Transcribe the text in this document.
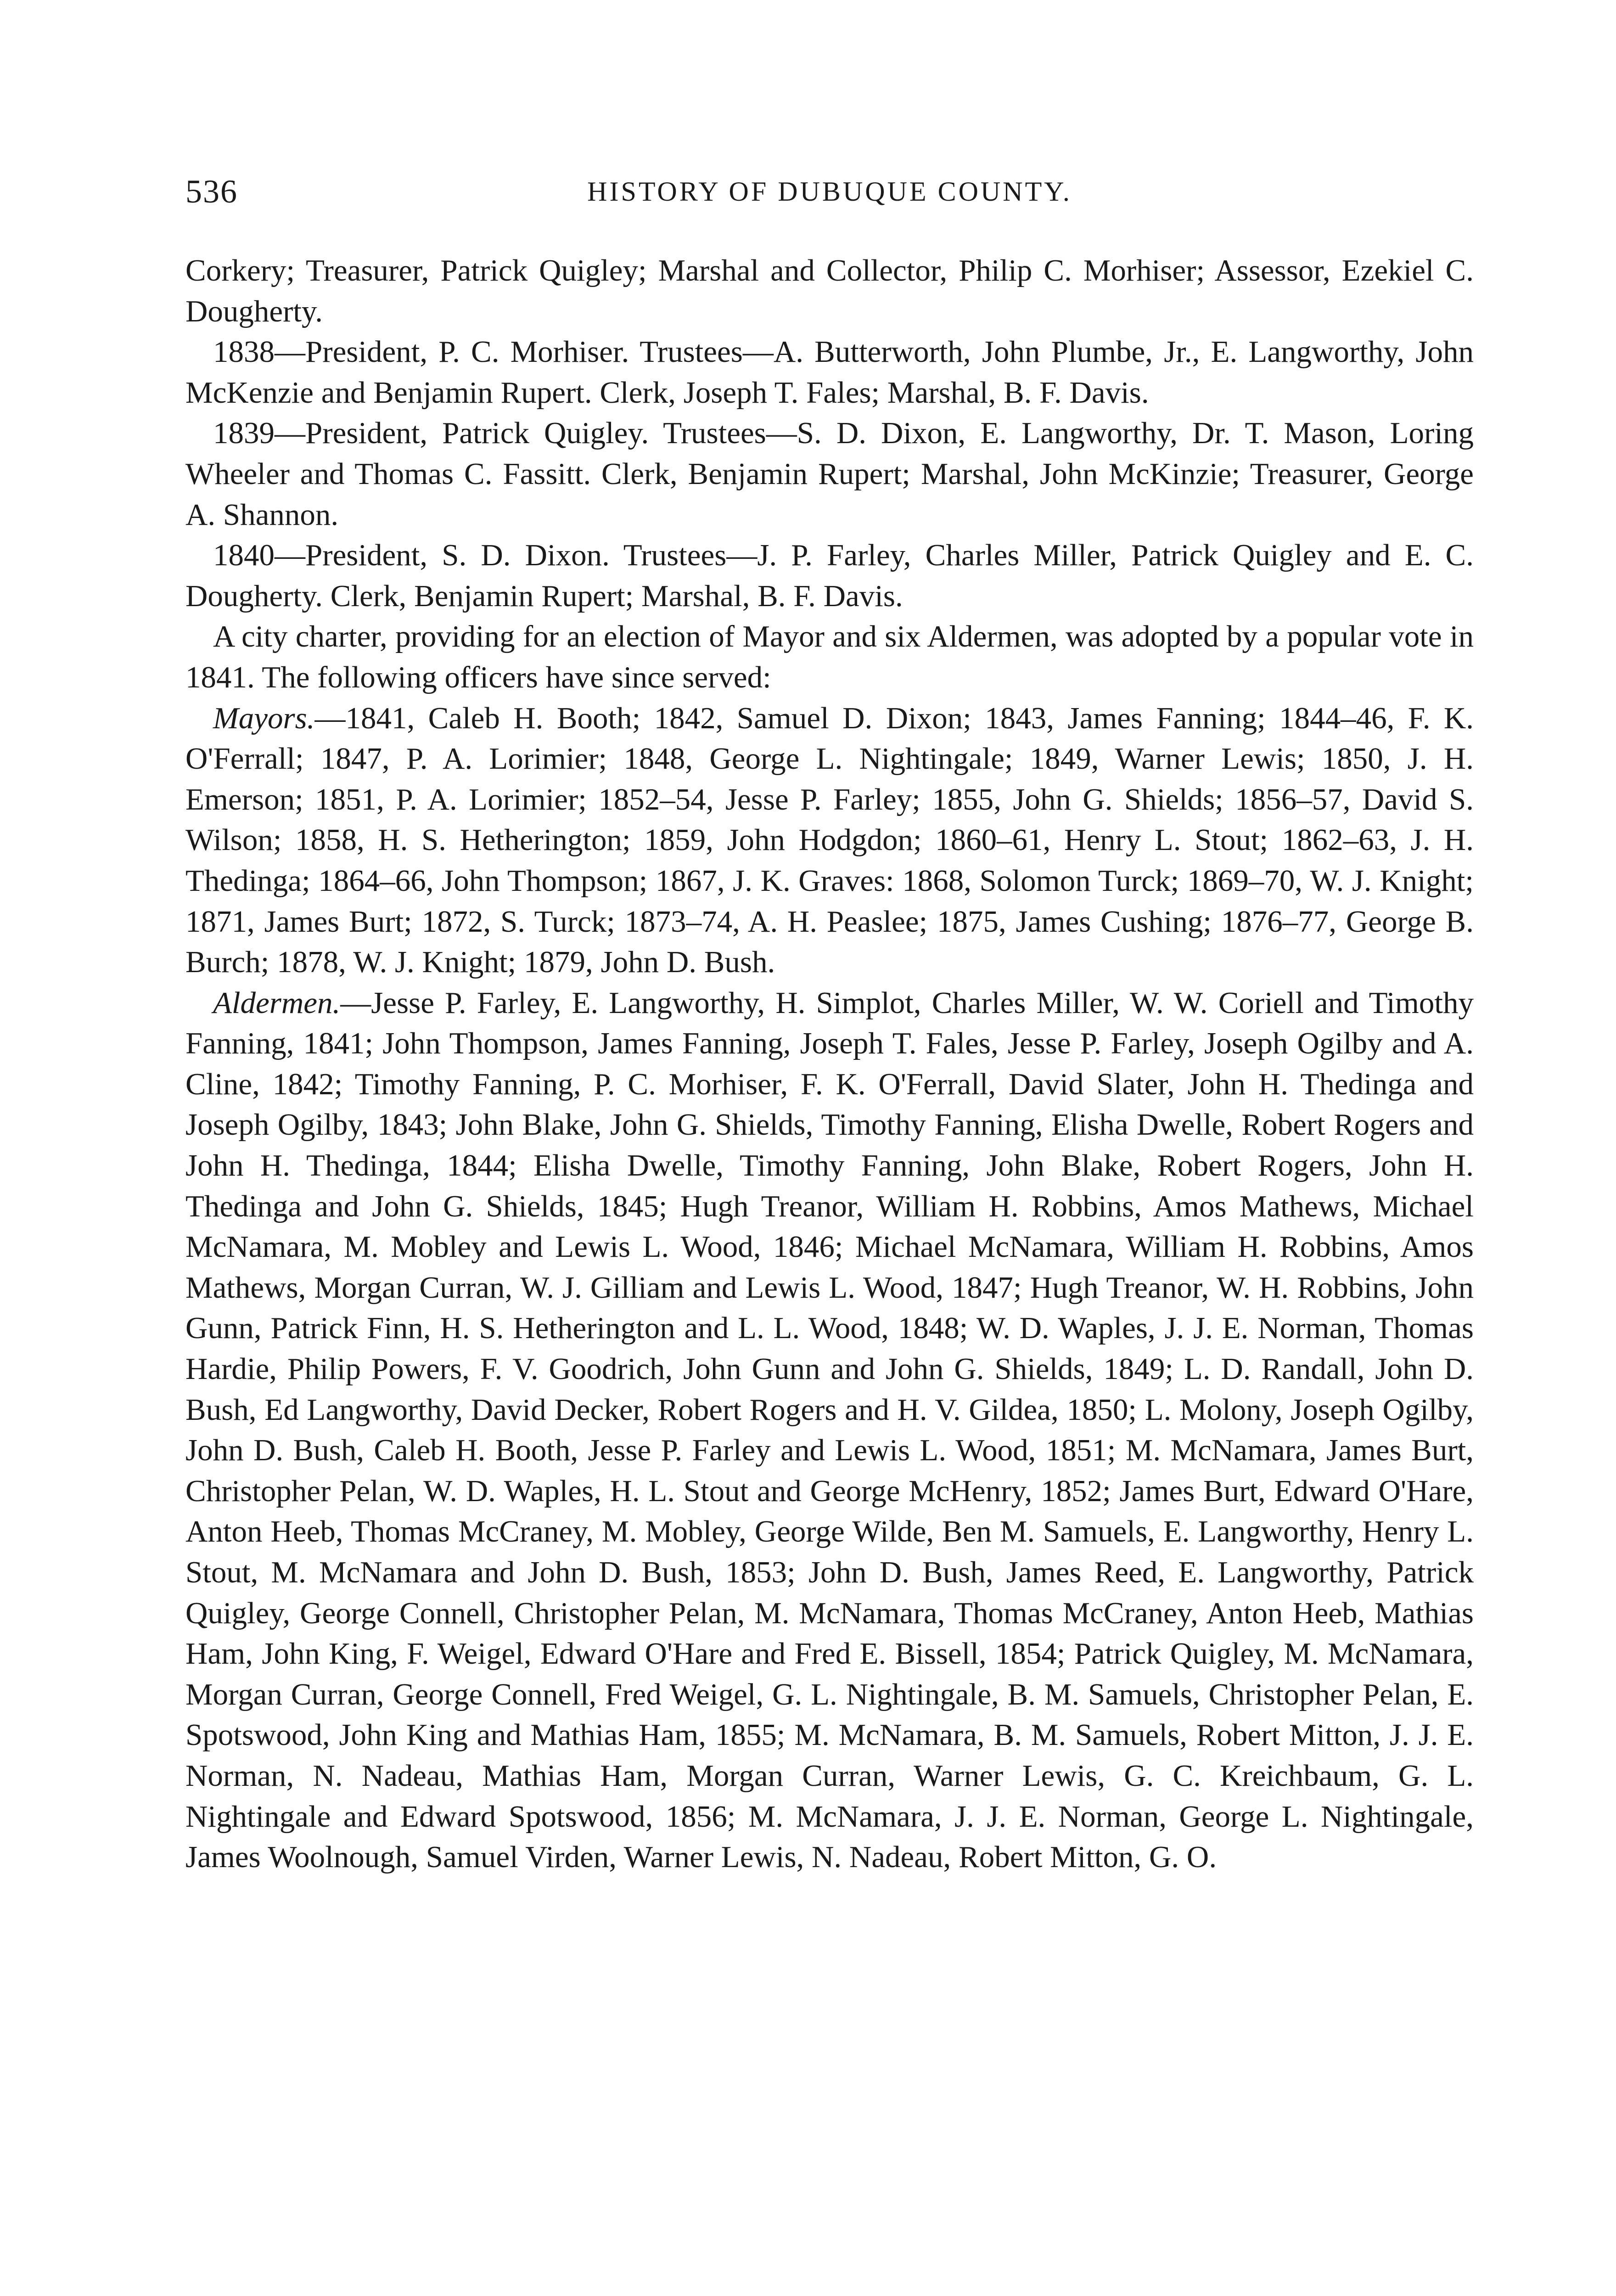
536	HISTORY OF DUBUQUE COUNTY.

Corkery; Treasurer, Patrick Quigley; Marshal and Collector, Philip C. Morhiser; Assessor, Ezekiel C. Dougherty.

1838—President, P. C. Morhiser. Trustees—A. Butterworth, John Plumbe, Jr., E. Langworthy, John McKenzie and Benjamin Rupert. Clerk, Joseph T. Fales; Marshal, B. F. Davis.

1839—President, Patrick Quigley. Trustees—S. D. Dixon, E. Langworthy, Dr. T. Mason, Loring Wheeler and Thomas C. Fassitt. Clerk, Benjamin Rupert; Marshal, John McKinzie; Treasurer, George A. Shannon.

1840—President, S. D. Dixon. Trustees—J. P. Farley, Charles Miller, Patrick Quigley and E. C. Dougherty. Clerk, Benjamin Rupert; Marshal, B. F. Davis.

A city charter, providing for an election of Mayor and six Aldermen, was adopted by a popular vote in 1841. The following officers have since served:

Mayors.—1841, Caleb H. Booth; 1842, Samuel D. Dixon; 1843, James Fanning; 1844–46, F. K. O'Ferrall; 1847, P. A. Lorimier; 1848, George L. Nightingale; 1849, Warner Lewis; 1850, J. H. Emerson; 1851, P. A. Lorimier; 1852–54, Jesse P. Farley; 1855, John G. Shields; 1856–57, David S. Wilson; 1858, H. S. Hetherington; 1859, John Hodgdon; 1860–61, Henry L. Stout; 1862–63, J. H. Thedinga; 1864–66, John Thompson; 1867, J. K. Graves: 1868, Solomon Turck; 1869–70, W. J. Knight; 1871, James Burt; 1872, S. Turck; 1873–74, A. H. Peaslee; 1875, James Cushing; 1876–77, George B. Burch; 1878, W. J. Knight; 1879, John D. Bush.

Aldermen.—Jesse P. Farley, E. Langworthy, H. Simplot, Charles Miller, W. W. Coriell and Timothy Fanning, 1841; John Thompson, James Fanning, Joseph T. Fales, Jesse P. Farley, Joseph Ogilby and A. Cline, 1842; Timothy Fanning, P. C. Morhiser, F. K. O'Ferrall, David Slater, John H. Thedinga and Joseph Ogilby, 1843; John Blake, John G. Shields, Timothy Fanning, Elisha Dwelle, Robert Rogers and John H. Thedinga, 1844; Elisha Dwelle, Timothy Fanning, John Blake, Robert Rogers, John H. Thedinga and John G. Shields, 1845; Hugh Treanor, William H. Robbins, Amos Mathews, Michael McNamara, M. Mobley and Lewis L. Wood, 1846; Michael McNamara, William H. Robbins, Amos Mathews, Morgan Curran, W. J. Gilliam and Lewis L. Wood, 1847; Hugh Treanor, W. H. Robbins, John Gunn, Patrick Finn, H. S. Hetherington and L. L. Wood, 1848; W. D. Waples, J. J. E. Norman, Thomas Hardie, Philip Powers, F. V. Goodrich, John Gunn and John G. Shields, 1849; L. D. Randall, John D. Bush, Ed Langworthy, David Decker, Robert Rogers and H. V. Gildea, 1850; L. Molony, Joseph Ogilby, John D. Bush, Caleb H. Booth, Jesse P. Farley and Lewis L. Wood, 1851; M. McNamara, James Burt, Christopher Pelan, W. D. Waples, H. L. Stout and George McHenry, 1852; James Burt, Edward O'Hare, Anton Heeb, Thomas McCraney, M. Mobley, George Wilde, Ben M. Samuels, E. Langworthy, Henry L. Stout, M. McNamara and John D. Bush, 1853; John D. Bush, James Reed, E. Langworthy, Patrick Quigley, George Connell, Christopher Pelan, M. McNamara, Thomas McCraney, Anton Heeb, Mathias Ham, John King, F. Weigel, Edward O'Hare and Fred E. Bissell, 1854; Patrick Quigley, M. McNamara, Morgan Curran, George Connell, Fred Weigel, G. L. Nightingale, B. M. Samuels, Christopher Pelan, E. Spotswood, John King and Mathias Ham, 1855; M. McNamara, B. M. Samuels, Robert Mitton, J. J. E. Norman, N. Nadeau, Mathias Ham, Morgan Curran, Warner Lewis, G. C. Kreichbaum, G. L. Nightingale and Edward Spotswood, 1856; M. McNamara, J. J. E. Norman, George L. Nightingale, James Woolnough, Samuel Virden, Warner Lewis, N. Nadeau, Robert Mitton, G. O.
